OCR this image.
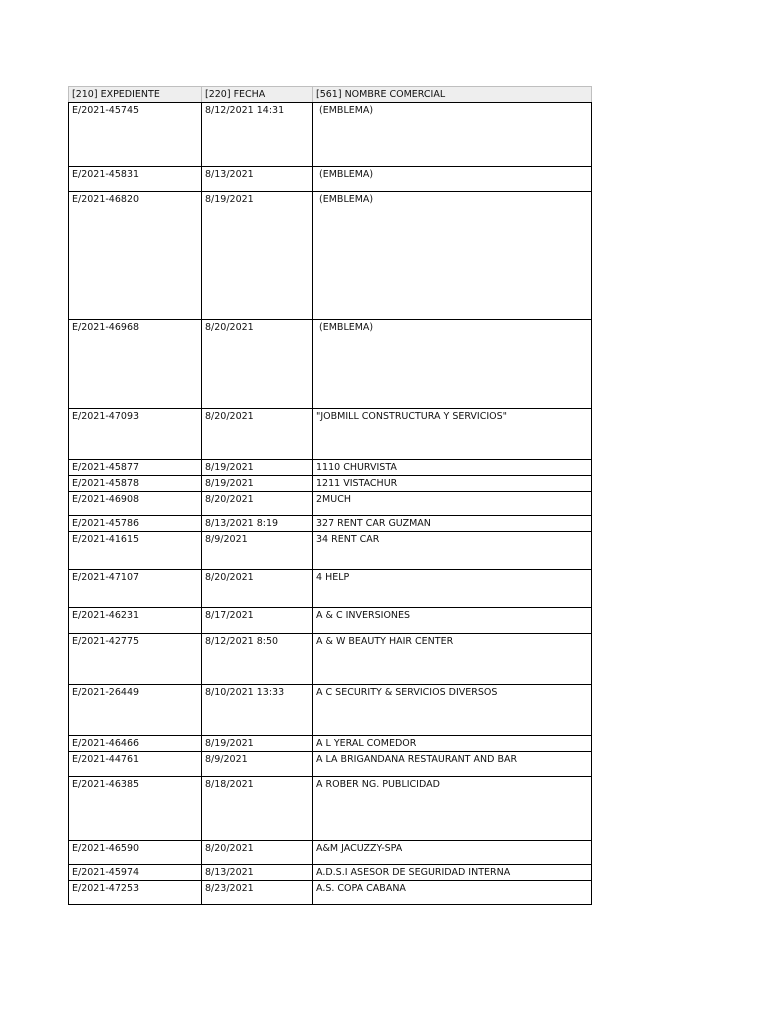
[210] EXPEDIENTE	[220] FECHA	[561] NOMBRE COMERCIAL
E/2021-45745	8/12/2021 14:31	(EMBLEMA)
E/2021-45831	8/13/2021	(EMBLEMA)
E/2021-46820	8/19/2021	(EMBLEMA)
E/2021-46968	8/20/2021	(EMBLEMA)
E/2021-47093	8/20/2021	"JOBMILL CONSTRUCTURA Y SERVICIOS"
E/2021-45877	8/19/2021	1110 CHURVISTA
E/2021-45878	8/19/2021	1211 VISTACHUR
E/2021-46908	8/20/2021	2MUCH
E/2021-45786	8/13/2021 8:19	327 RENT CAR GUZMAN
E/2021-41615	8/9/2021	34 RENT CAR
E/2021-47107	8/20/2021	4 HELP
E/2021-46231	8/17/2021	A & C INVERSIONES
E/2021-42775	8/12/2021 8:50	A & W BEAUTY HAIR CENTER
E/2021-26449	8/10/2021 13:33	A C SECURITY & SERVICIOS DIVERSOS
E/2021-46466	8/19/2021	A L YERAL COMEDOR
E/2021-44761	8/9/2021	A LA BRIGANDANA RESTAURANT AND BAR
E/2021-46385	8/18/2021	A ROBER NG. PUBLICIDAD
E/2021-46590	8/20/2021	A&M JACUZZY-SPA
E/2021-45974	8/13/2021	A.D.S.I ASESOR DE SEGURIDAD INTERNA
E/2021-47253	8/23/2021	A.S. COPA CABANA
